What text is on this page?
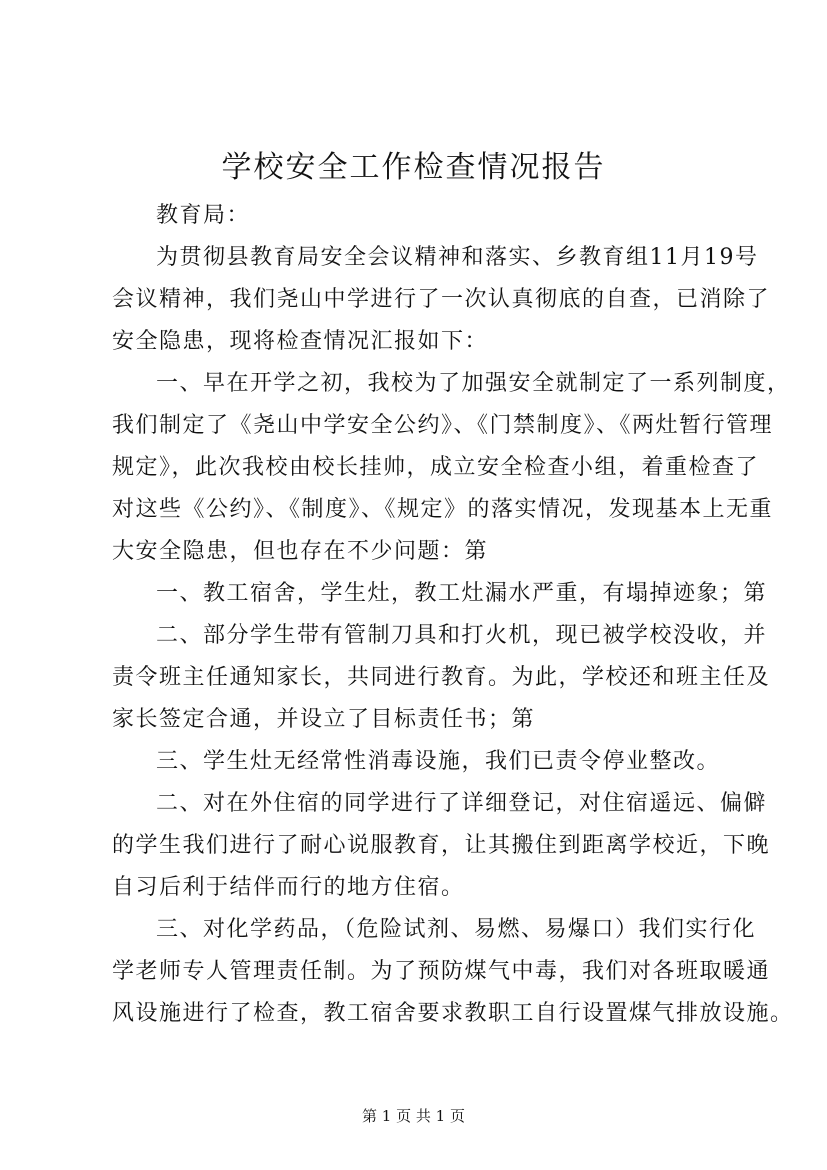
学校安全工作检查情况报告
教育局：
为贯彻县教育局安全会议精神和落实、乡教育组11月19号
会议精神，我们尧山中学进行了一次认真彻底的自查，已消除了
安全隐患，现将检查情况汇报如下：
一、早在开学之初，我校为了加强安全就制定了一系列制度，
我们制定了《尧山中学安全公约》、《门禁制度》、《两灶暂行管理
规定》，此次我校由校长挂帅，成立安全检查小组，着重检查了
对这些《公约》、《制度》、《规定》的落实情况，发现基本上无重
大安全隐患，但也存在不少问题：第
一、教工宿舍，学生灶，教工灶漏水严重，有塌掉迹象；第
二、部分学生带有管制刀具和打火机，现已被学校没收，并
责令班主任通知家长，共同进行教育。为此，学校还和班主任及
家长签定合通，并设立了目标责任书；第
三、学生灶无经常性消毒设施，我们已责令停业整改。
二、对在外住宿的同学进行了详细登记，对住宿遥远、偏僻
的学生我们进行了耐心说服教育，让其搬住到距离学校近，下晚
自习后利于结伴而行的地方住宿。
三、对化学药品，（危险试剂、易燃、易爆口）我们实行化
学老师专人管理责任制。为了预防煤气中毒，我们对各班取暖通
风设施进行了检查，教工宿舍要求教职工自行设置煤气排放设施。
第 1 页 共 1 页
